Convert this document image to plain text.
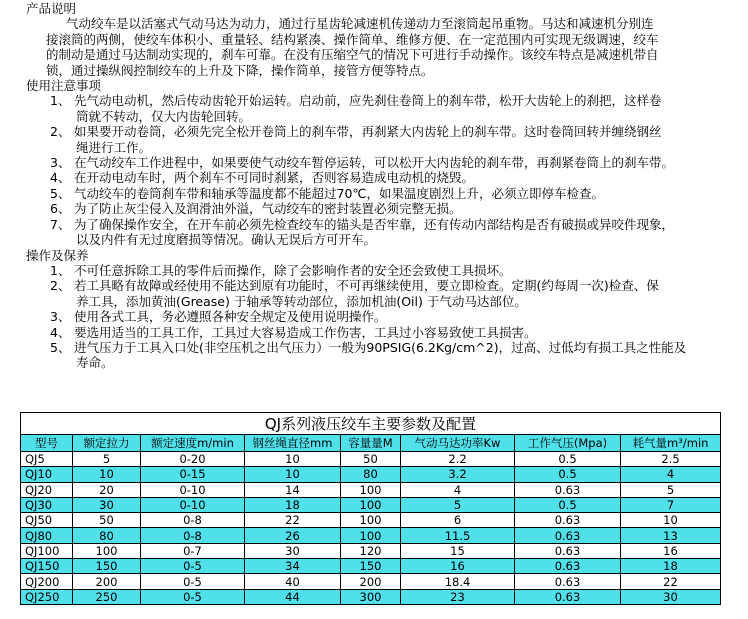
产品说明
气动绞车是以活塞式气动马达为动力，通过行星齿轮减速机传递动力至滚筒起吊重物。马达和减速机分别连
接滚筒的两侧，使绞车体积小、重量轻、结构紧凑、操作简单、维修方便、在一定范围内可实现无级调速，绞车
的制动是通过马达制动实现的，刹车可靠。在没有压缩空气的情况下可进行手动操作。该绞车特点是减速机带自
锁，通过操纵阀控制绞车的上升及下降，操作简单，接管方便等特点。
使用注意事项
1、 先气动电动机，然后传动齿轮开始运转。启动前，应先刹住卷筒上的刹车带，松开大齿轮上的刹把，这样卷
筒就不转动，仅大内齿轮回转。
2、 如果要开动卷筒，必须先完全松开卷筒上的刹车带，再刹紧大内齿轮上的刹车带。这时卷筒回转并缠绕钢丝
绳进行工作。
3、 在气动绞车工作进程中，如果要使气动绞车暂停运转，可以松开大内齿轮的刹车带，再刹紧卷筒上的刹车带。
4、 在开动电动车时，两个刹车不可同时刹紧，否则容易造成电动机的烧毁。
5、 气动绞车的卷筒刹车带和轴承等温度都不能超过70℃，如果温度剧烈上升，必须立即停车检查。
6、 为了防止灰尘侵入及润滑油外溢，气动绞车的密封装置必须完整无损。
7、 为了确保操作安全，在开车前必须先检查绞车的锚头是否牢靠，还有传动内部结构是否有破损或异咬件现象，
以及内件有无过度磨损等情况。确认无误后方可开车。
操作及保养
1、 不可任意拆除工具的零件后而操作，除了会影响作者的安全还会致使工具损坏。
2、 若工具略有故障或经使用不能达到原有功能时，不可再继续使用，要立即检查。定期(约每周一次)检查、保
养工具，添加黄油(Grease) 于轴承等转动部位，添加机油(Oil) 于气动马达部位。
3、 使用各式工具，务必遵照各种安全规定及使用说明操作。
4、 要选用适当的工具工作，工具过大容易造成工作伤害，工具过小容易致使工具损害。
5、 进气压力于工具入口处(非空压机之出气压力）一般为90PSIG(6.2Kg/cm^2)，过高、过低均有损工具之性能及
寿命。
QJ系列液压绞车主要参数及配置
型号	额定拉力	额定速度m/min	钢丝绳直径mm	容量量M	气动马达功率Kw	工作气压(Mpa)	耗气量m³/min
QJ5	5	0-20	10	50	2.2	0.5	2.5
QJ10	10	0-15	10	80	3.2	0.5	4
QJ20	20	0-10	14	100	4	0.63	5
QJ30	30	0-10	18	100	5	0.5	7
QJ50	50	0-8	22	100	6	0.63	10
QJ80	80	0-8	26	100	11.5	0.63	13
QJ100	100	0-7	30	120	15	0.63	16
QJ150	150	0-5	34	150	16	0.63	18
QJ200	200	0-5	40	200	18.4	0.63	22
QJ250	250	0-5	44	300	23	0.63	30
